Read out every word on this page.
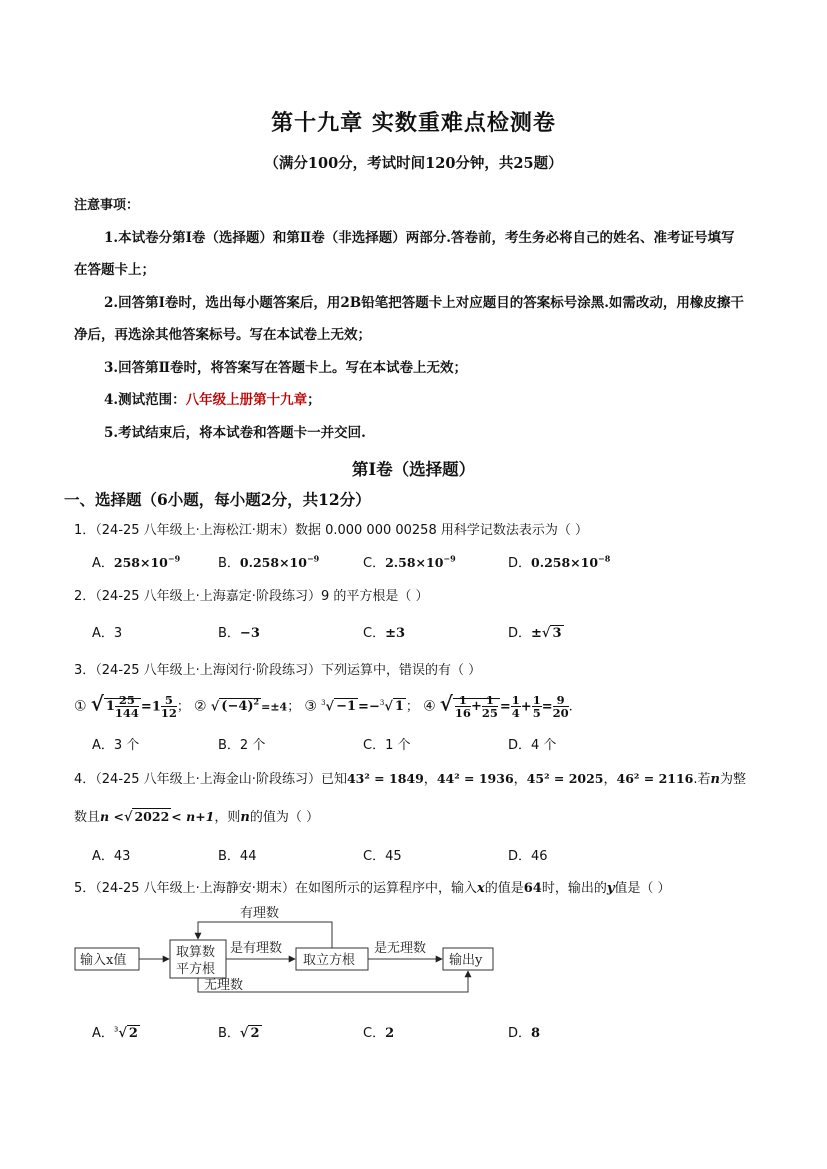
第十九章 实数重难点检测卷
（满分100分，考试时间120分钟，共25题）
注意事项：
1.本试卷分第Ⅰ卷（选择题）和第Ⅱ卷（非选择题）两部分.答卷前，考生务必将自己的姓名、准考证号填写
在答题卡上；
2.回答第Ⅰ卷时，选出每小题答案后，用2B铅笔把答题卡上对应题目的答案标号涂黑.如需改动，用橡皮擦干
净后，再选涂其他答案标号。写在本试卷上无效；
3.回答第Ⅱ卷时，将答案写在答题卡上。写在本试卷上无效；
4.测试范围：八年级上册第十九章；
5.考试结束后，将本试卷和答题卡一并交回.
第Ⅰ卷（选择题）
一、选择题（6小题，每小题2分，共12分）
1．（24-25 八年级上·上海松江·期末）数据 0.000 000 00258 用科学记数法表示为（ ）
A．$258\times 10^{-9}$	B．$0.258\times 10^{-9}$	C．$2.58\times 10^{-9}$	D．$0.258\times 10^{-8}$
2．（24-25 八年级上·上海嘉定·阶段练习）9 的平方根是（ ）
A．3	B．−3	C．±3	D．±√ 3
3．（24-25 八年级上·上海闵行·阶段练习）下列运算中，错误的有（ ）
① √ $1 \frac{25}{144} =1 \frac{5}{12}$ ； ② √ $(-4)^2 =\pm 4$； ③ $^3$√ −1 =−$^3$√ 1 ； ④ √ $\frac{1}{16} + \frac{1}{25} = \frac{1}{4} + \frac{1}{5} = \frac{9}{20}$ .
A．3 个	B．2 个	C．1 个	D．4 个
4．（24-25 八年级上·上海金山·阶段练习）已知43² = 1849，44² = 1936，45² = 2025，46² = 2116.若n为整
数且n <√ 2022 < n+1，则n的值为（ ）
A．43	B．44	C．45	D．46
5．（24-25 八年级上·上海静安·期末）在如图所示的运算程序中，输入x的值是64时，输出的y值是（ ）
输入x值
取算数
平方根
取立方根	输出y
有理数
是有理数	是无理数
无理数
A．$^3$√ 2	B．√ 2	C．2	D．8
